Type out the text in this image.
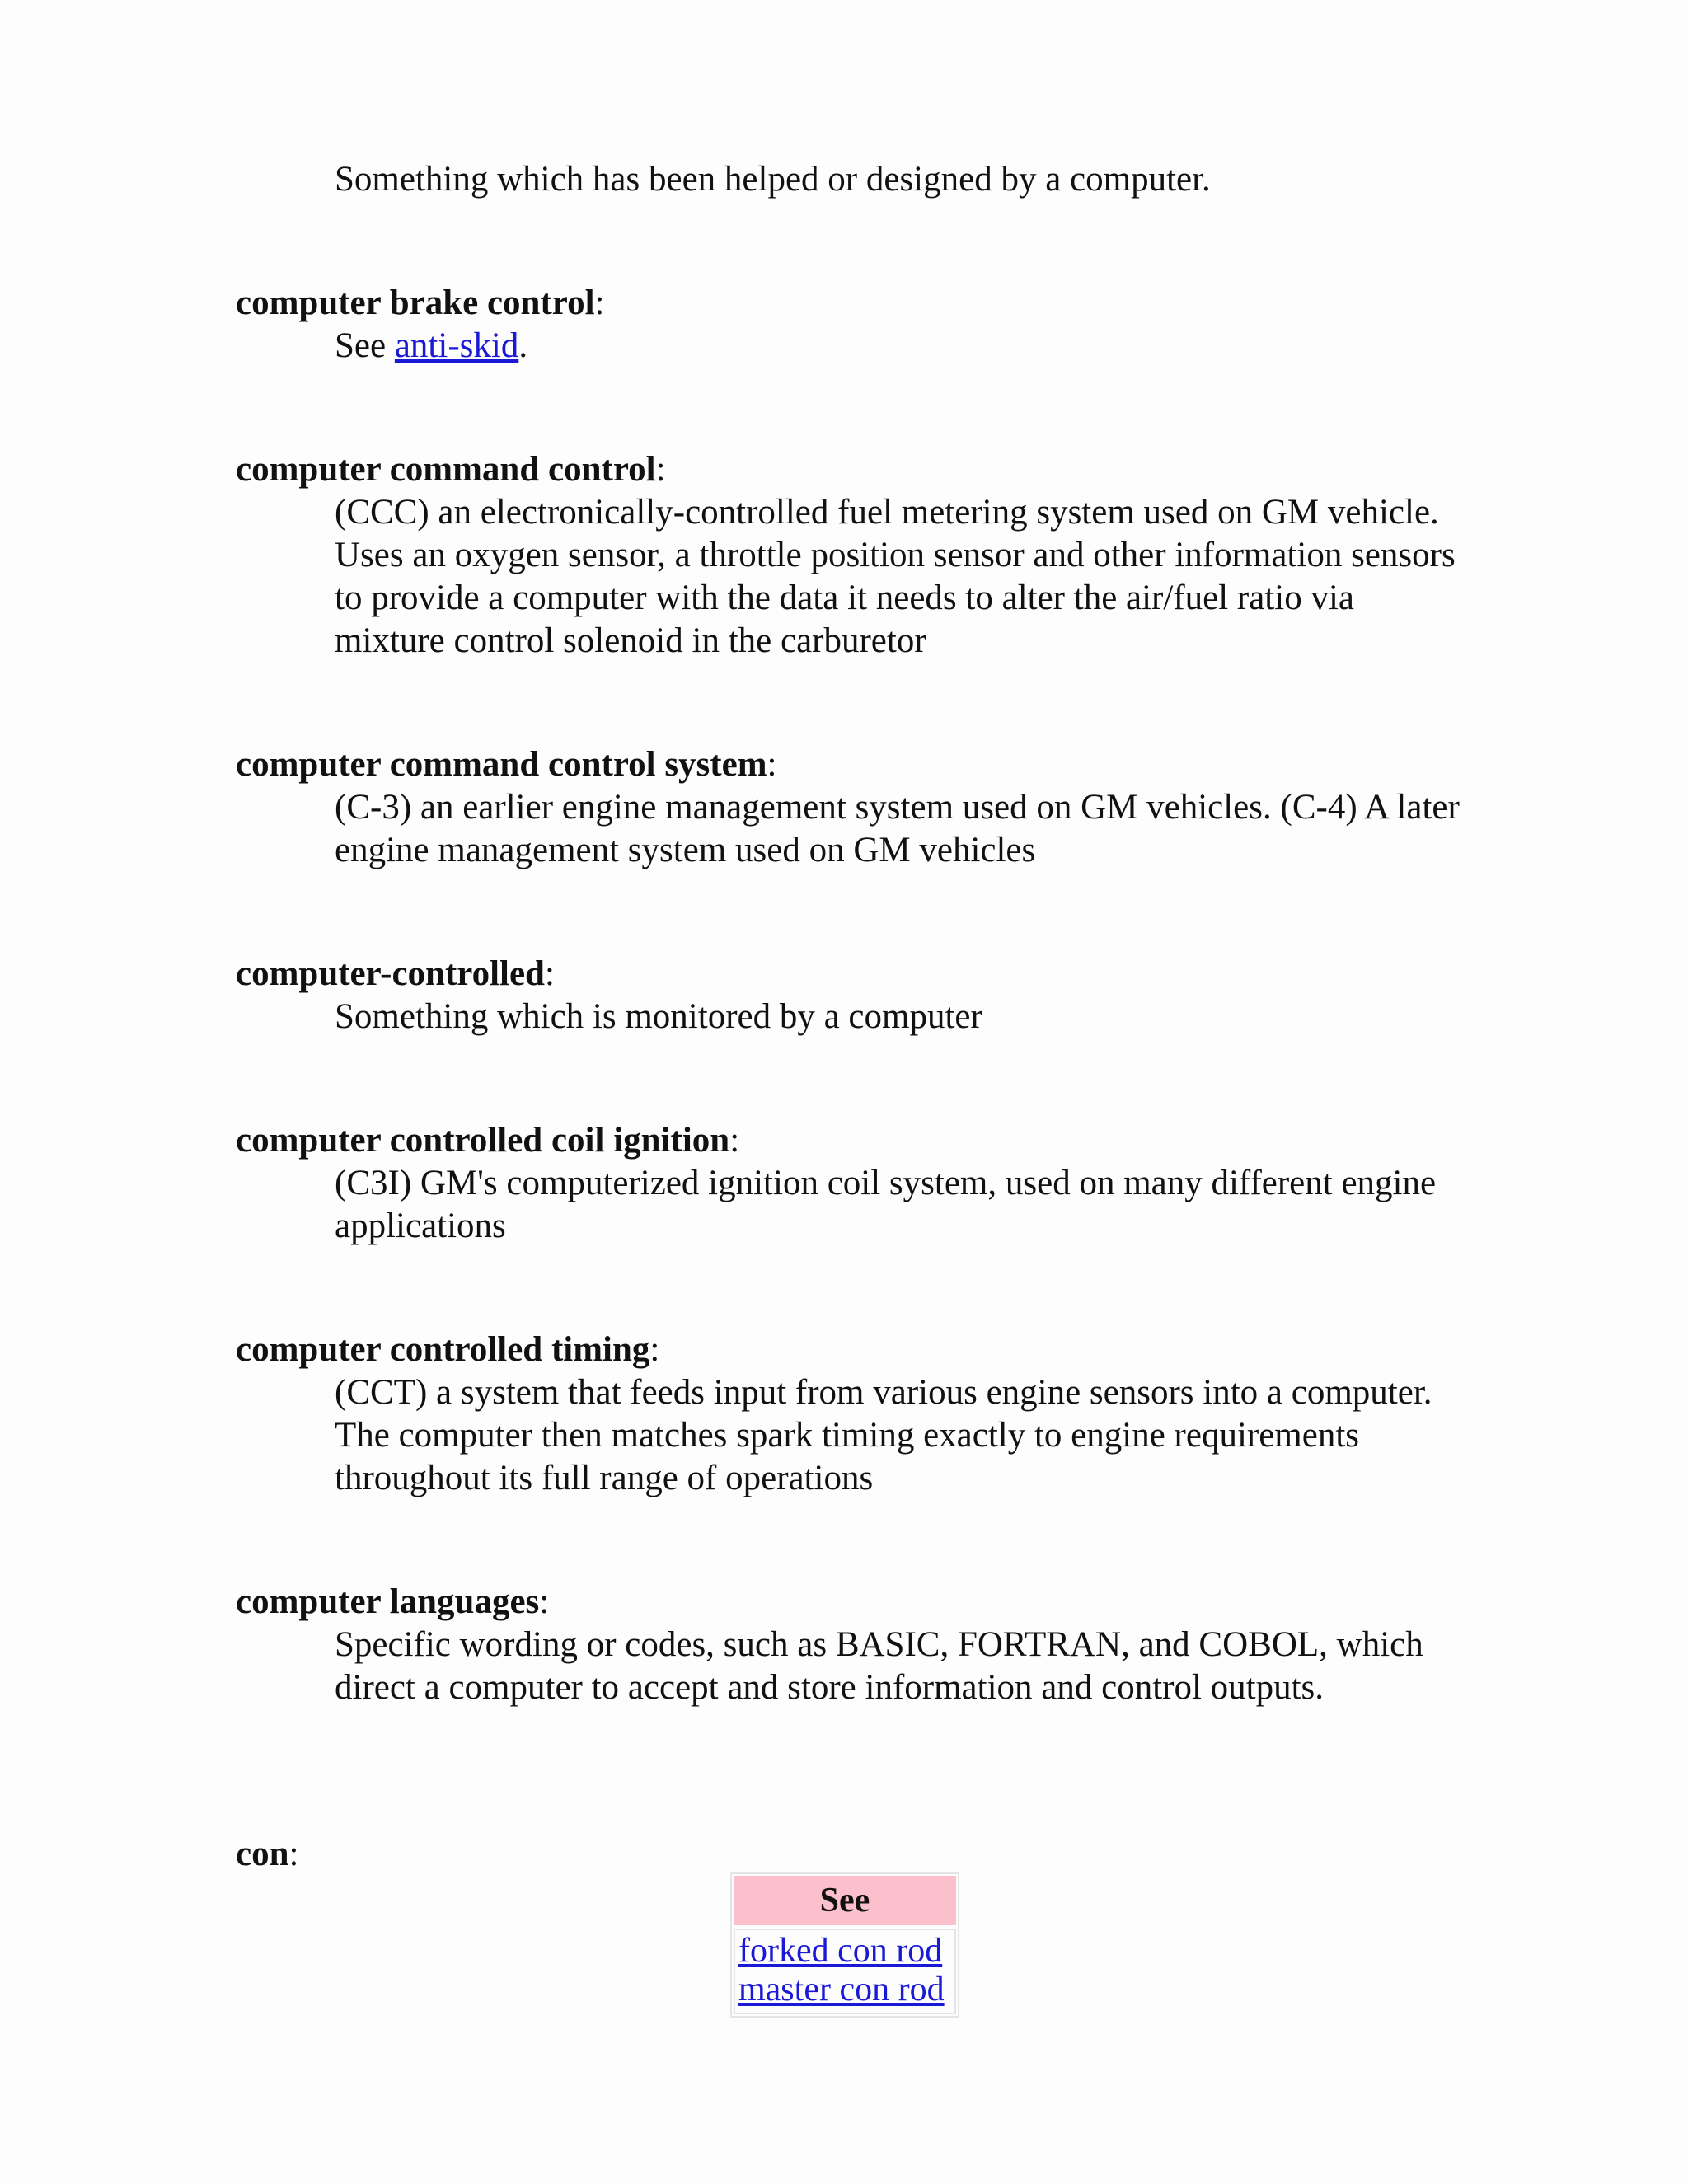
Something which has been helped or designed by a computer.

computer brake control:

See anti-skid.

computer command control:

(CCC) an electronically-controlled fuel metering system used on GM vehicle. Uses an oxygen sensor, a throttle position sensor and other information sensors to provide a computer with the data it needs to alter the air/fuel ratio via mixture control solenoid in the carburetor

computer command control system:

(C-3) an earlier engine management system used on GM vehicles. (C-4) A later engine management system used on GM vehicles

computer-controlled:

Something which is monitored by a computer

computer controlled coil ignition:

(C3I) GM's computerized ignition coil system, used on many different engine applications

computer controlled timing:

(CCT) a system that feeds input from various engine sensors into a computer. The computer then matches spark timing exactly to engine requirements throughout its full range of operations

computer languages:

Specific wording or codes, such as BASIC, FORTRAN, and COBOL, which direct a computer to accept and store information and control outputs.

con:

See
forked con rod
master con rod
